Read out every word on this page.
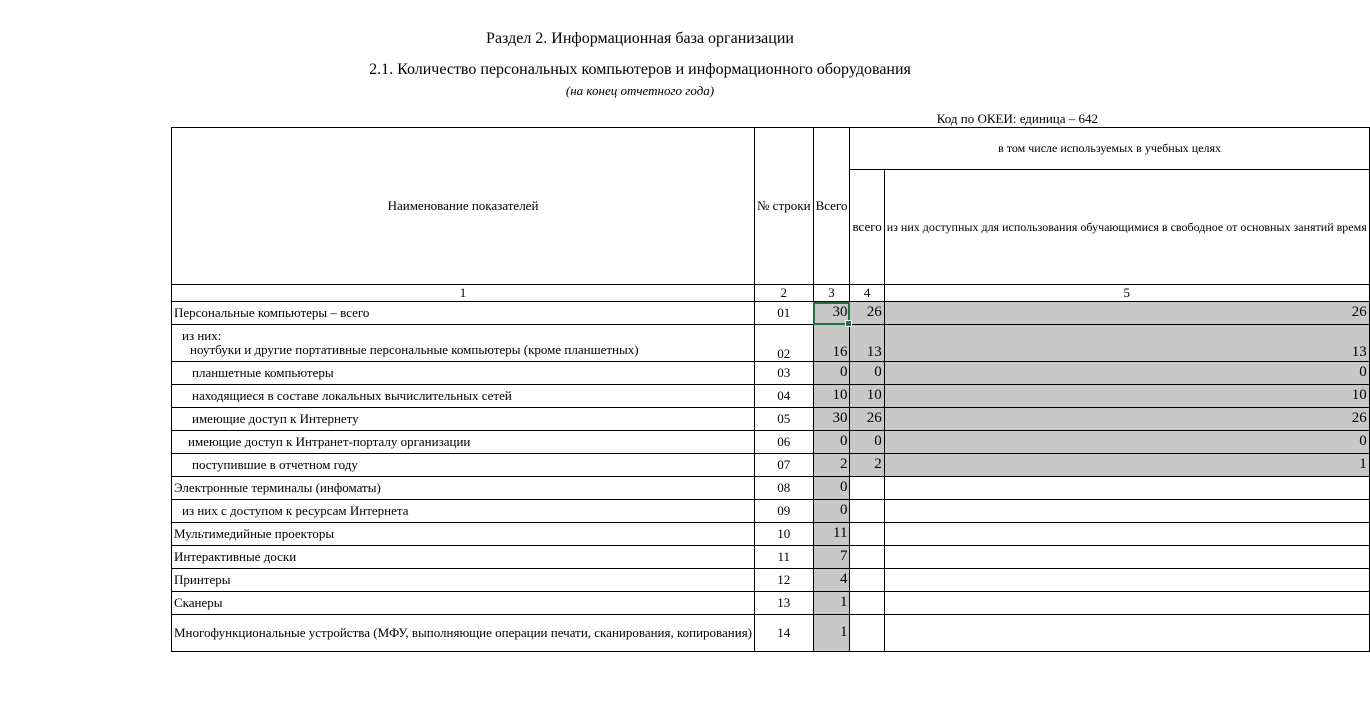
Раздел 2. Информационная база организации
2.1. Количество персональных компьютеров и информационного оборудования
(на конец отчетного года)
Код по ОКЕИ: единица – 642
Наименование показателей	№ строки	Всего	в том числе используемых в учебных целях	
			всего	из них доступных для использования обучающимися в свободное от основных занятий время
1	2	3	4	5
Персональные компьютеры – всего	01	30	26	26

из них:
ноутбуки и другие портативные персональные компьютеры (кроме планшетных)	02	16	13	13
планшетные компьютеры	03	0	0	0
находящиеся в составе локальных вычислительных сетей	04	10	10	10
имеющие доступ к Интернету	05	30	26	26
имеющие доступ к Интранет-порталу организации	06	0	0	0
поступившие в отчетном году	07	2	2	1
Электронные терминалы (инфоматы)	08	0		
из них с доступом к ресурсам Интернета	09	0		
Мультимедийные проекторы	10	11		
Интерактивные доски	11	7		
Принтеры	12	4		
Сканеры	13	1		
Многофункциональные устройства (МФУ, выполняющие операции печати, сканирования, копирования)	14	1		
